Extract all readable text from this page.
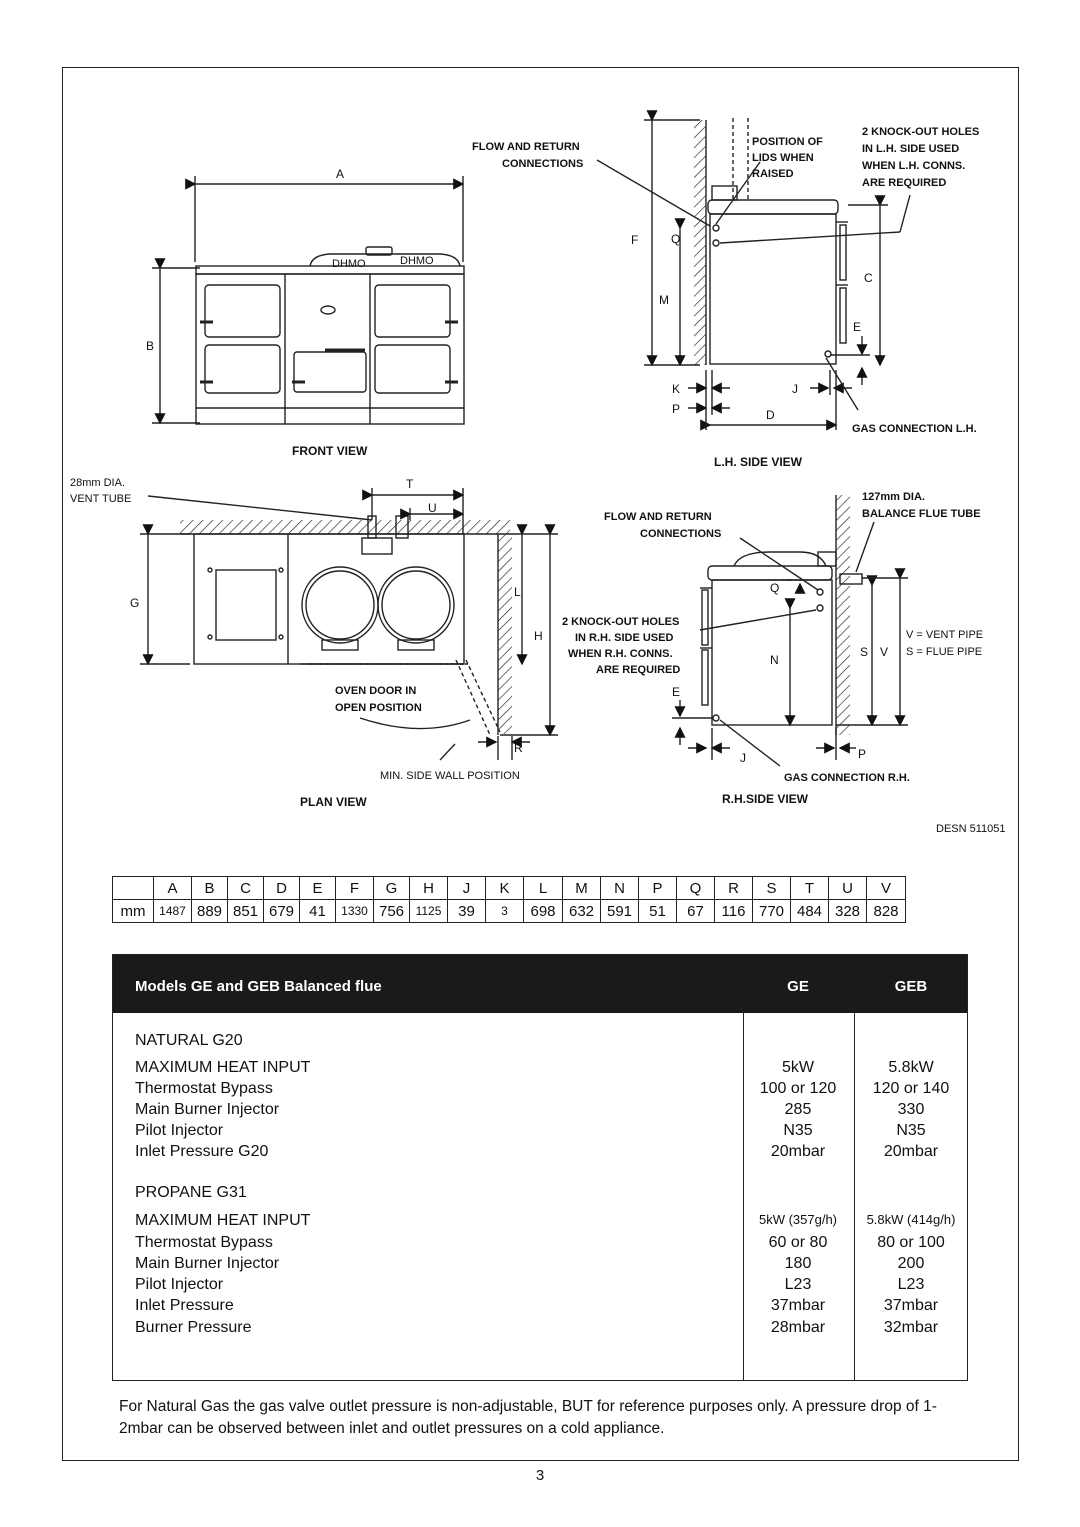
A
B
DHMO	DHMO
FRONT VIEW
F	Q
M
C
E
K
P
J
D
FLOW AND RETURN
CONNECTIONS
POSITION OF
LIDS WHEN
RAISED
2 KNOCK-OUT HOLES
IN L.H. SIDE USED
WHEN L.H. CONNS.
ARE REQUIRED
GAS CONNECTION L.H.
L.H. SIDE VIEW
G
L
H
T
U
R
28mm DIA.
VENT TUBE
OVEN DOOR IN
OPEN POSITION
MIN. SIDE WALL POSITION
PLAN VIEW
E
Q
N
S V
J	P
127mm DIA.
BALANCE FLUE TUBE
FLOW AND RETURN
CONNECTIONS
2 KNOCK-OUT HOLES
IN R.H. SIDE USED
WHEN R.H. CONNS.
ARE REQUIRED
V = VENT PIPE
S = FLUE PIPE
GAS CONNECTION R.H.
R.H.SIDE VIEW
DESN 511051
	A	B	C	D	E	F	G	H	J	K	L	M	N	P	Q	R	S	T	U	V
mm	1487	889	851	679	41	1330	756	1125	39	3	698	632	591	51	67	116	770	484	328	828
Models GE and GEB Balanced flue	GE	GEB
NATURAL G20
MAXIMUM HEAT INPUT	5kW	5.8kW
Thermostat Bypass	100 or 120	120 or 140
Main Burner Injector	285	330
Pilot Injector	N35	N35
Inlet Pressure G20	20mbar	20mbar
PROPANE G31
MAXIMUM HEAT INPUT	5kW (357g/h)	5.8kW (414g/h)
Thermostat Bypass	60 or 80	80 or 100
Main Burner Injector	180	200
Pilot Injector	L23	L23
Inlet Pressure	37mbar	37mbar
Burner Pressure	28mbar	32mbar
For Natural Gas the gas valve outlet pressure is non-adjustable, BUT for reference purposes only. A pressure drop of 1-2mbar can be observed between inlet and outlet pressures on a cold appliance.
3
